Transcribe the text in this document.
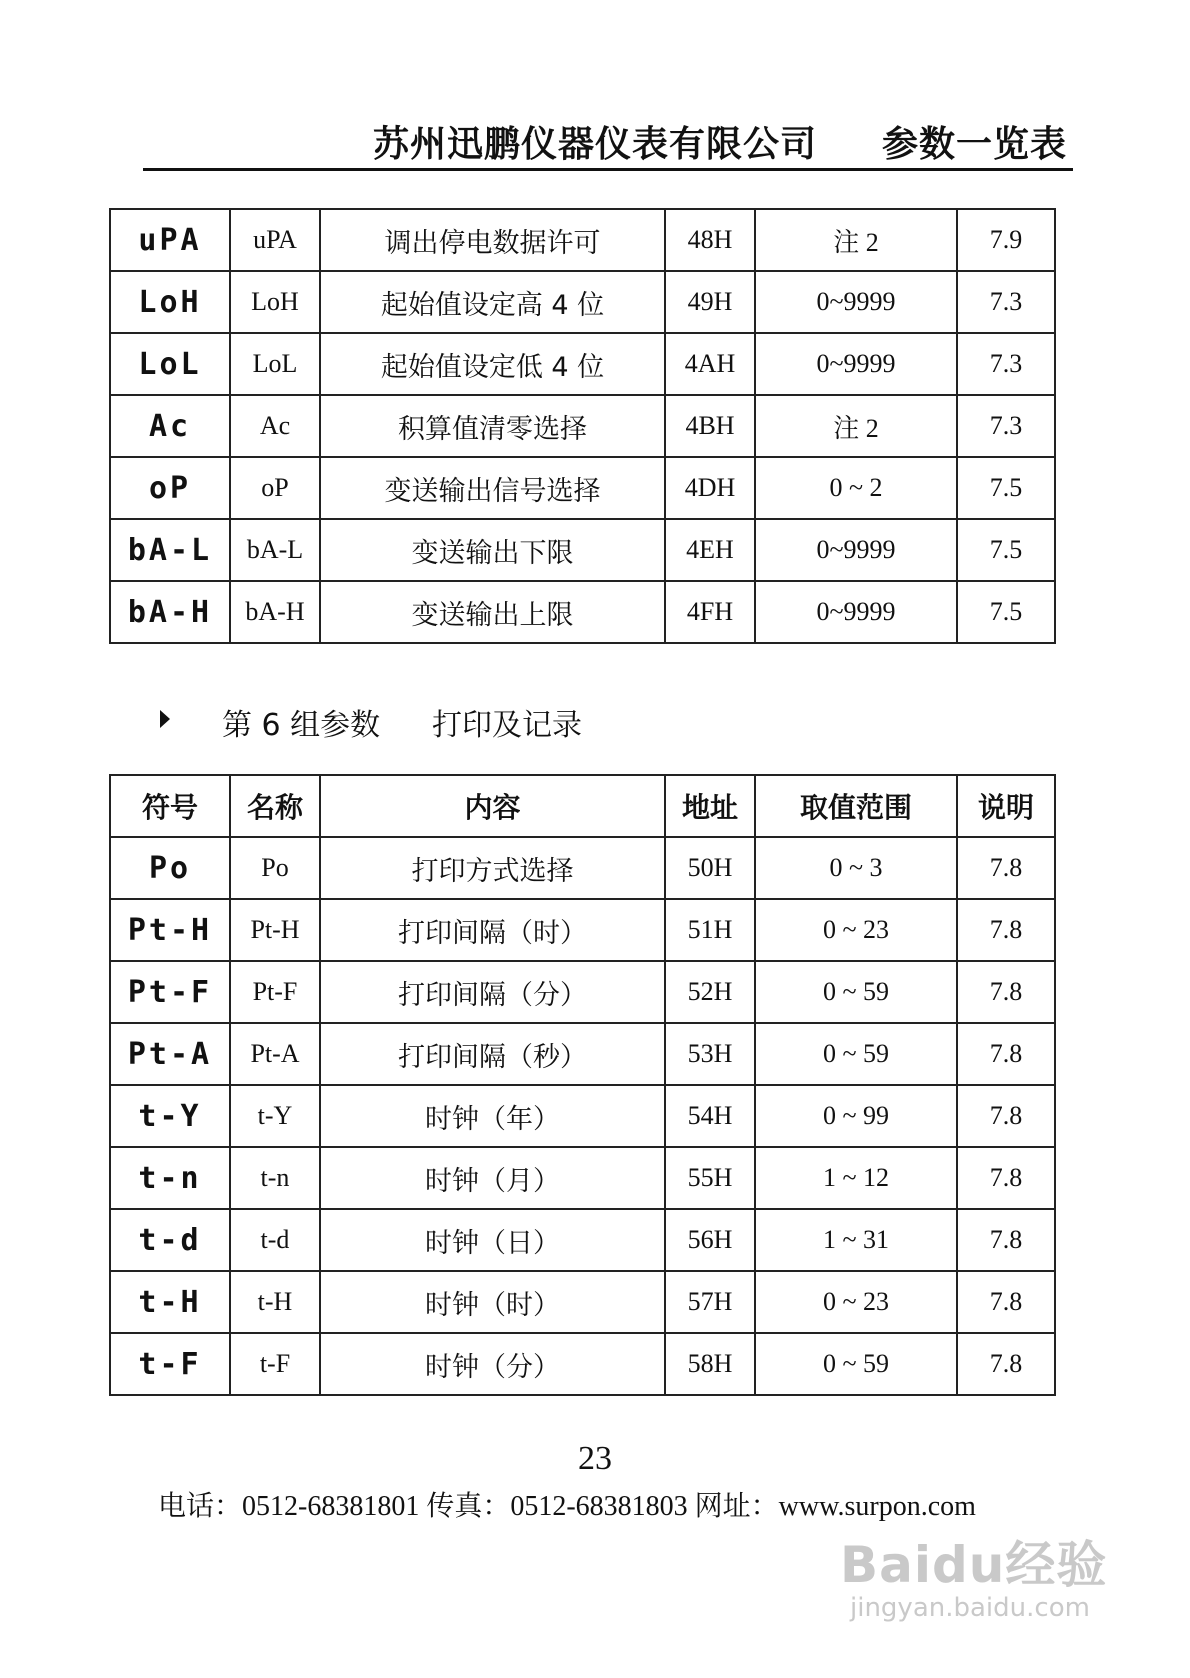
苏州迅鹏仪器仪表有限公司 参数一览表
uPA	uPA	调出停电数据许可	48H	注 2	7.9
LoH	LoH	起始值设定高 4 位	49H	0~9999	7.3
LoL	LoL	起始值设定低 4 位	4AH	0~9999	7.3
Ac	Ac	积算值清零选择	4BH	注 2	7.3
oP	oP	变送输出信号选择	4DH	0 ~ 2	7.5
bA-L	bA-L	变送输出下限	4EH	0~9999	7.5
bA-H	bA-H	变送输出上限	4FH	0~9999	7.5
第 6 组参数 打印及记录
符号	名称	内容	地址	取值范围	说明
Po	Po	打印方式选择	50H	0 ~ 3	7.8
Pt-H	Pt-H	打印间隔（时）	51H	0 ~ 23	7.8
Pt-F	Pt-F	打印间隔（分）	52H	0 ~ 59	7.8
Pt-A	Pt-A	打印间隔（秒）	53H	0 ~ 59	7.8
t-Y	t-Y	时钟（年）	54H	0 ~ 99	7.8
t-n	t-n	时钟（月）	55H	1 ~ 12	7.8
t-d	t-d	时钟（日）	56H	1 ~ 31	7.8
t-H	t-H	时钟（时）	57H	0 ~ 23	7.8
t-F	t-F	时钟（分）	58H	0 ~ 59	7.8
23
电话：0512-68381801 传真：0512-68381803 网址：www.surpon.com
Baidu经验
jingyan.baidu.com
